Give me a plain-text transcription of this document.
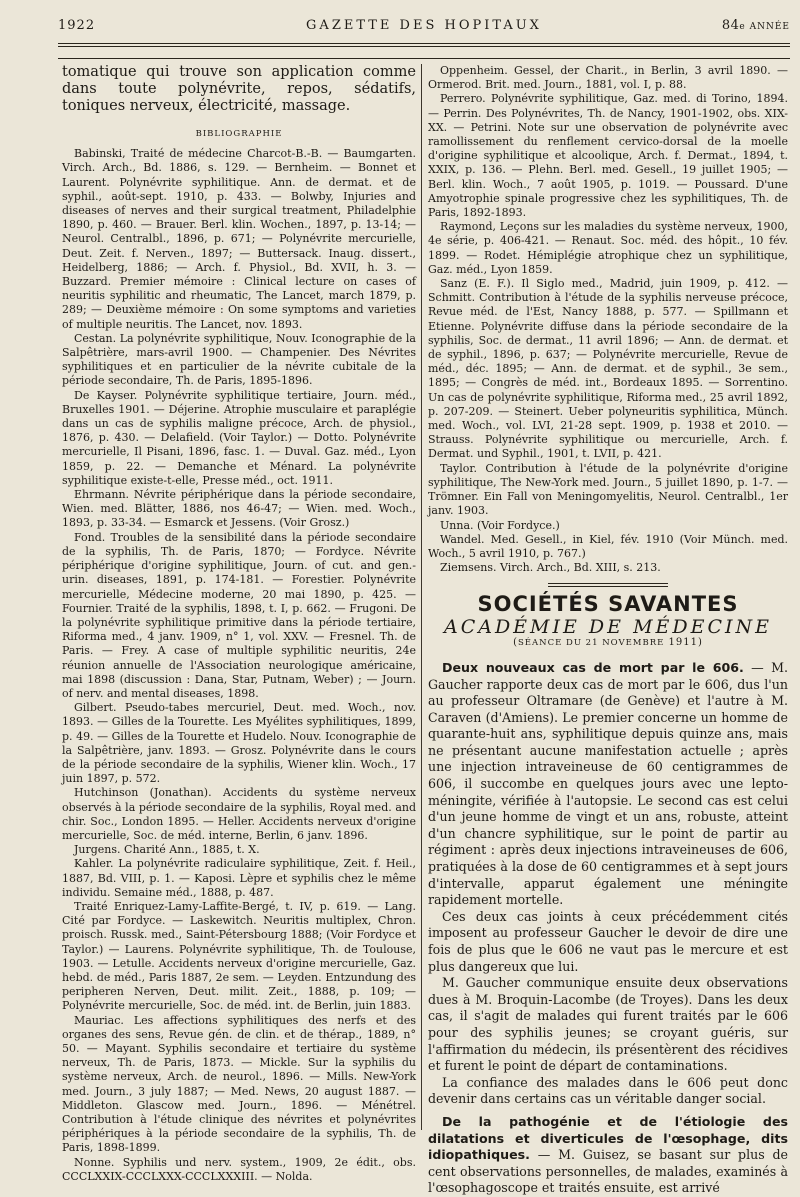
1922	GAZETTE DES HOPITAUX	84e ANNÉE

tomatique qui trouve son application comme dans toute polynévrite, repos, sédatifs, toniques nerveux, électricité, massage.

BIBLIOGRAPHIE

Babinski, Traité de médecine Charcot-B.-B. — Baumgarten. Virch. Arch., Bd. 1886, s. 129. — Bernheim. — Bonnet et Laurent. Polynévrite syphilitique. Ann. de dermat. et de syphil., août-sept. 1910, p. 433. — Bolwby, Injuries and diseases of nerves and their surgical treatment, Philadelphie 1890, p. 460. — Brauer. Berl. klin. Wochen., 1897, p. 13-14; — Neurol. Centralbl., 1896, p. 671; — Polynévrite mercurielle, Deut. Zeit. f. Nerven., 1897; — Buttersack. Inaug. dissert., Heidelberg, 1886; — Arch. f. Physiol., Bd. XVII, h. 3. — Buzzard. Premier mémoire : Clinical lecture on cases of neuritis syphilitic and rheumatic, The Lancet, march 1879, p. 289; — Deuxième mémoire : On some symptoms and varieties of multiple neuritis. The Lancet, nov. 1893.

Cestan. La polynévrite syphilitique, Nouv. Iconographie de la Salpêtrière, mars-avril 1900. — Champenier. Des Névrites syphilitiques et en particulier de la névrite cubitale de la période secondaire, Th. de Paris, 1895-1896.

De Kayser. Polynévrite syphilitique tertiaire, Journ. méd., Bruxelles 1901. — Déjerine. Atrophie musculaire et paraplégie dans un cas de syphilis maligne précoce, Arch. de physiol., 1876, p. 430. — Delafield. (Voir Taylor.) — Dotto. Polynévrite mercurielle, Il Pisani, 1896, fasc. 1. — Duval. Gaz. méd., Lyon 1859, p. 22. — Demanche et Ménard. La polynévrite syphilitique existe-t-elle, Presse méd., oct. 1911.

Ehrmann. Névrite périphérique dans la période secondaire, Wien. med. Blätter, 1886, nos 46-47; — Wien. med. Woch., 1893, p. 33-34. — Esmarck et Jessens. (Voir Grosz.)

Fond. Troubles de la sensibilité dans la période secondaire de la syphilis, Th. de Paris, 1870; — Fordyce. Névrite périphérique d'origine syphilitique, Journ. of cut. and gen.-urin. diseases, 1891, p. 174-181. — Forestier. Polynévrite mercurielle, Médecine moderne, 20 mai 1890, p. 425. — Fournier. Traité de la syphilis, 1898, t. I, p. 662. — Frugoni. De la polynévrite syphilitique primitive dans la période tertiaire, Riforma med., 4 janv. 1909, n° 1, vol. XXV. — Fresnel. Th. de Paris. — Frey. A case of multiple syphilitic neuritis, 24e réunion annuelle de l'Association neurologique américaine, mai 1898 (discussion : Dana, Star, Putnam, Weber) ; — Journ. of nerv. and mental diseases, 1898.

Gilbert. Pseudo-tabes mercuriel, Deut. med. Woch., nov. 1893. — Gilles de la Tourette. Les Myélites syphilitiques, 1899, p. 49. — Gilles de la Tourette et Hudelo. Nouv. Iconographie de la Salpêtrière, janv. 1893. — Grosz. Polynévrite dans le cours de la période secondaire de la syphilis, Wiener klin. Woch., 17 juin 1897, p. 572.

Hutchinson (Jonathan). Accidents du système nerveux observés à la période secondaire de la syphilis, Royal med. and chir. Soc., London 1895. — Heller. Accidents nerveux d'origine mercurielle, Soc. de méd. interne, Berlin, 6 janv. 1896.

Jurgens. Charité Ann., 1885, t. X.

Kahler. La polynévrite radiculaire syphilitique, Zeit. f. Heil., 1887, Bd. VIII, p. 1. — Kaposi. Lèpre et syphilis chez le même individu. Semaine méd., 1888, p. 487.

Traité Enriquez-Lamy-Laffite-Bergé, t. IV, p. 619. — Lang. Cité par Fordyce. — Laskewitch. Neuritis multiplex, Chron. proisch. Russk. med., Saint-Pétersbourg 1888; (Voir Fordyce et Taylor.) — Laurens. Polynévrite syphilitique, Th. de Toulouse, 1903. — Letulle. Accidents nerveux d'origine mercurielle, Gaz. hebd. de méd., Paris 1887, 2e sem. — Leyden. Entzundung des peripheren Nerven, Deut. milit. Zeit., 1888, p. 109; — Polynévrite mercurielle, Soc. de méd. int. de Berlin, juin 1883.

Mauriac. Les affections syphilitiques des nerfs et des organes des sens, Revue gén. de clin. et de thérap., 1889, n° 50. — Mayant. Syphilis secondaire et tertiaire du système nerveux, Th. de Paris, 1873. — Mickle. Sur la syphilis du système nerveux, Arch. de neurol., 1896. — Mills. New-York med. Journ., 3 july 1887; — Med. News, 20 august 1887. — Middleton. Glascow med. Journ., 1896. — Ménétrel. Contribution à l'étude clinique des névrites et polynévrites périphériques à la période secondaire de la syphilis, Th. de Paris, 1898-1899.

Nonne. Syphilis und nerv. system., 1909, 2e édit., obs. CCCLXXIX-CCCLXXX-CCCLXXXIII. — Nolda.

Oppenheim. Gessel, der Charit., in Berlin, 3 avril 1890. — Ormerod. Brit. med. Journ., 1881, vol. I, p. 88.

Perrero. Polynévrite syphilitique, Gaz. med. di Torino, 1894. — Perrin. Des Polynévrites, Th. de Nancy, 1901-1902, obs. XIX-XX. — Petrini. Note sur une observation de polynévrite avec ramollissement du renflement cervico-dorsal de la moelle d'origine syphilitique et alcoolique, Arch. f. Dermat., 1894, t. XXIX, p. 136. — Plehn. Berl. med. Gesell., 19 juillet 1905; — Berl. klin. Woch., 7 août 1905, p. 1019. — Poussard. D'une Amyotrophie spinale progressive chez les syphilitiques, Th. de Paris, 1892-1893.

Raymond, Leçons sur les maladies du système nerveux, 1900, 4e série, p. 406-421. — Renaut. Soc. méd. des hôpit., 10 fév. 1899. — Rodet. Hémiplégie atrophique chez un syphilitique, Gaz. méd., Lyon 1859.

Sanz (E. F.). Il Siglo med., Madrid, juin 1909, p. 412. — Schmitt. Contribution à l'étude de la syphilis nerveuse précoce, Revue méd. de l'Est, Nancy 1888, p. 577. — Spillmann et Etienne. Polynévrite diffuse dans la période secondaire de la syphilis, Soc. de dermat., 11 avril 1896; — Ann. de dermat. et de syphil., 1896, p. 637; — Polynévrite mercurielle, Revue de méd., déc. 1895; — Ann. de dermat. et de syphil., 3e sem., 1895; — Congrès de méd. int., Bordeaux 1895. — Sorrentino. Un cas de polynévrite syphilitique, Riforma med., 25 avril 1892, p. 207-209. — Steinert. Ueber polyneuritis syphilitica, Münch. med. Woch., vol. LVI, 21-28 sept. 1909, p. 1938 et 2010. — Strauss. Polynévrite syphilitique ou mercurielle, Arch. f. Dermat. und Syphil., 1901, t. LVII, p. 421.

Taylor. Contribution à l'étude de la polynévrite d'origine syphilitique, The New-York med. Journ., 5 juillet 1890, p. 1-7. — Trömner. Ein Fall von Meningomyelitis, Neurol. Centralbl., 1er janv. 1903.

Unna. (Voir Fordyce.)

Wandel. Med. Gesell., in Kiel, fév. 1910 (Voir Münch. med. Woch., 5 avril 1910, p. 767.)

Ziemsens. Virch. Arch., Bd. XIII, s. 213.

SOCIÉTÉS SAVANTES
ACADÉMIE DE MÉDECINE
(SÉANCE DU 21 NOVEMBRE 1911)

Deux nouveaux cas de mort par le 606. — M. Gaucher rapporte deux cas de mort par le 606, dus l'un au professeur Oltramare (de Genève) et l'autre à M. Caraven (d'Amiens). Le premier concerne un homme de quarante-huit ans, syphilitique depuis quinze ans, mais ne présentant aucune manifestation actuelle ; après une injection intraveineuse de 60 centigrammes de 606, il succombe en quelques jours avec une lepto-méningite, vérifiée à l'autopsie. Le second cas est celui d'un jeune homme de vingt et un ans, robuste, atteint d'un chancre syphilitique, sur le point de partir au régiment : après deux injections intraveineuses de 606, pratiquées à la dose de 60 centigrammes et à sept jours d'intervalle, apparut également une méningite rapidement mortelle.

Ces deux cas joints à ceux précédemment cités imposent au professeur Gaucher le devoir de dire une fois de plus que le 606 ne vaut pas le mercure et est plus dangereux que lui.

M. Gaucher communique ensuite deux observations dues à M. Broquin-Lacombe (de Troyes). Dans les deux cas, il s'agit de malades qui furent traités par le 606 pour des syphilis jeunes; se croyant guéris, sur l'affirmation du médecin, ils présentèrent des récidives et furent le point de départ de contaminations.

La confiance des malades dans le 606 peut donc devenir dans certains cas un véritable danger social.

De la pathogénie et de l'étiologie des dilatations et diverticules de l'œsophage, dits idiopathiques. — M. Guisez, se basant sur plus de cent observations personnelles, de malades, examinés à l'œsophagoscope et traités ensuite, est arrivé
